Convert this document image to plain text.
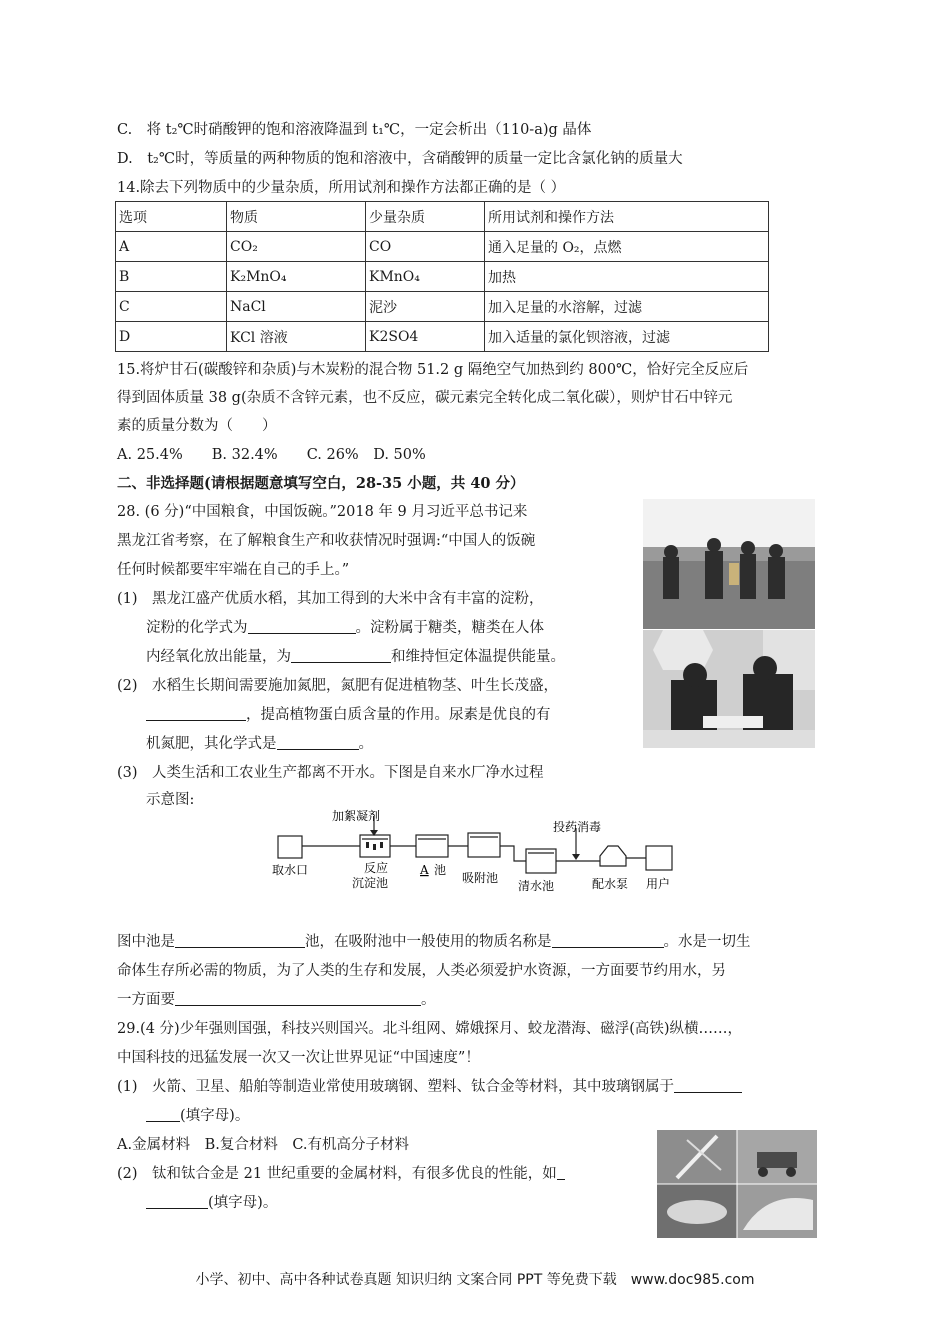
C.　将 t₂℃时硝酸钾的饱和溶液降温到 t₁℃，一定会析出（110-a)g 晶体
D.　t₂℃时，等质量的两种物质的饱和溶液中，含硝酸钾的质量一定比含氯化钠的质量大
14.除去下列物质中的少量杂质，所用试剂和操作方法都正确的是（ ）
选项	物质	少量杂质	所用试剂和操作方法
A	CO₂	CO	通入足量的 O₂，点燃
B	K₂MnO₄	KMnO₄	加热
C	NaCl	泥沙	加入足量的水溶解，过滤
D	KCl 溶液	K2SO4	加入适量的氯化钡溶液，过滤
15.将炉甘石(碳酸锌和杂质)与木炭粉的混合物 51.2 g 隔绝空气加热到约 800℃，恰好完全反应后
得到固体质量 38 g(杂质不含锌元素，也不反应，碳元素完全转化成二氧化碳），则炉甘石中锌元
素的质量分数为（　　）
A. 25.4%　　B. 32.4%　　C. 26%　D. 50%
二、非选择题(请根据题意填写空白，28-35 小题，共 40 分）
28. (6 分)“中国粮食，中国饭碗。”2018 年 9 月习近平总书记来
黑龙江省考察，在了解粮食生产和收获情况时强调:“中国人的饭碗
任何时候都要牢牢端在自己的手上。”
(1)　黑龙江盛产优质水稻，其加工得到的大米中含有丰富的淀粉，
淀粉的化学式为	。淀粉属于糖类，糖类在人体
内经氧化放出能量，为	和维持恒定体温提供能量。
(2)　水稻生长期间需要施加氮肥，氮肥有促进植物茎、叶生长茂盛，
，提高植物蛋白质含量的作用。尿素是优良的有
机氮肥，其化学式是	。
(3)　人类生活和工农业生产都离不开水。下图是自来水厂净水过程
示意图:
加絮凝剂
投药消毒
取水口	反应
沉淀池
A 池
吸附池
清水池	配水泵 用户
图中池是	池，在吸附池中一般使用的物质名称是	。水是一切生
命体生存所必需的物质，为了人类的生存和发展，人类必须爱护水资源，一方面要节约用水，另
一方面要	。
29.(4 分)少年强则国强，科技兴则国兴。北斗组网、嫦娥探月、蛟龙潜海、磁浮(高铁)纵横……，
中国科技的迅猛发展一次又一次让世界见证“中国速度”！
(1)　火箭、卫星、船舶等制造业常使用玻璃钢、塑料、钛合金等材料，其中玻璃钢属于
(填字母)。
A.金属材料　B.复合材料　C.有机高分子材料
(2)　钛和钛合金是 21 世纪重要的金属材料，有很多优良的性能，如
(填字母)。
小学、初中、高中各种试卷真题 知识归纳 文案合同 PPT 等免费下载　www.doc985.com
